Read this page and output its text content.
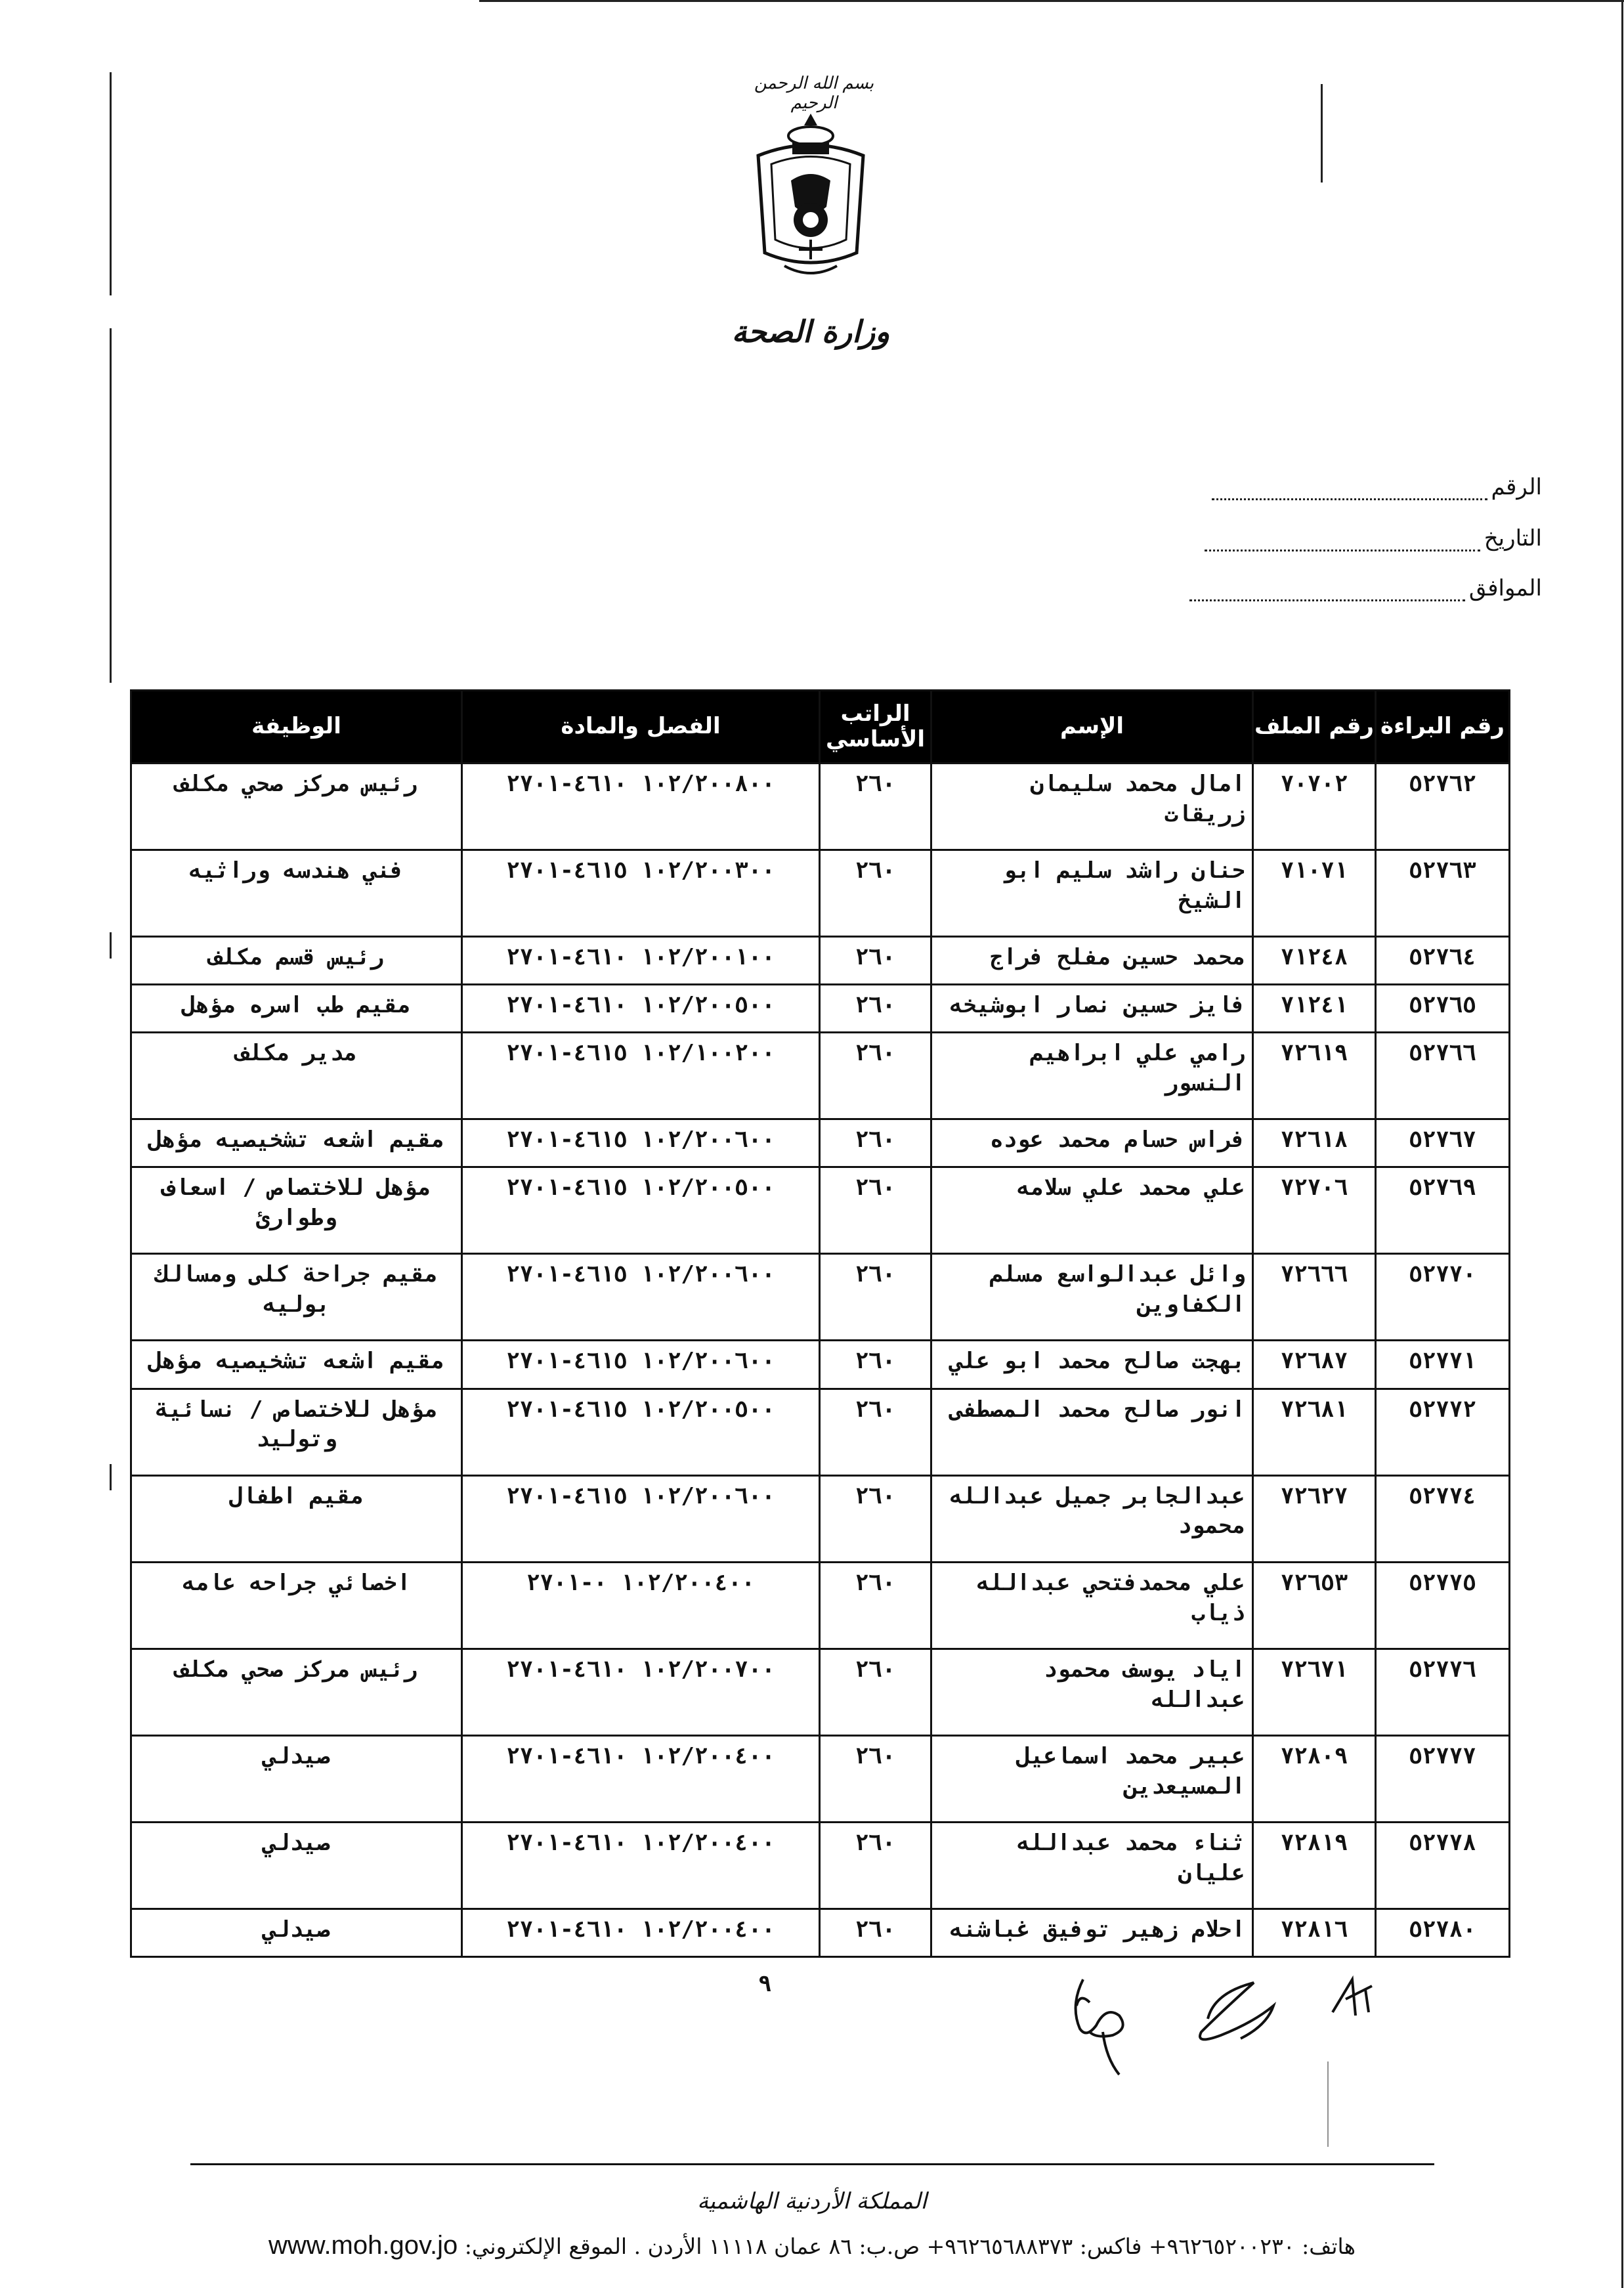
بسم الله الرحمن الرحيم
وزارة الصحة
الرقم
التاريخ
الموافق
رقم البراءة	رقم الملف	الإسم	الراتب الأساسي	الفصل والمادة	الوظيفة
٥٢٧٦٢	٧٠٧٠٢	امال محمد سليمان زريقات	٢٦٠	١٠٢/٢٠٠٨٠٠ ٤٦١٠-٢٧٠١	رئيس مركز صحي مكلف
٥٢٧٦٣	٧١٠٧١	حنان راشد سليم ابو الشيخ	٢٦٠	١٠٢/٢٠٠٣٠٠ ٤٦١٥-٢٧٠١	فني هندسه وراثيه
٥٢٧٦٤	٧١٢٤٨	محمد حسين مفلح فراج	٢٦٠	١٠٢/٢٠٠١٠٠ ٤٦١٠-٢٧٠١	رئيس قسم مكلف
٥٢٧٦٥	٧١٢٤١	فايز حسين نصار ابوشيخه	٢٦٠	١٠٢/٢٠٠٥٠٠ ٤٦١٠-٢٧٠١	مقيم طب اسره مؤهل
٥٢٧٦٦	٧٢٦١٩	رامي علي ابراهيم النسور	٢٦٠	١٠٢/١٠٠٢٠٠ ٤٦١٥-٢٧٠١	مدير مكلف
٥٢٧٦٧	٧٢٦١٨	فراس حسام محمد عوده	٢٦٠	١٠٢/٢٠٠٦٠٠ ٤٦١٥-٢٧٠١	مقيم اشعه تشخيصيه مؤهل
٥٢٧٦٩	٧٢٧٠٦	علي محمد علي سلامه	٢٦٠	١٠٢/٢٠٠٥٠٠ ٤٦١٥-٢٧٠١	مؤهل للاختصاص / اسعاف وطوارئ
٥٢٧٧٠	٧٢٦٦٦	وائل عبدالواسع مسلم الكفاوين	٢٦٠	١٠٢/٢٠٠٦٠٠ ٤٦١٥-٢٧٠١	مقيم جراحة كلى ومسالك بوليه
٥٢٧٧١	٧٢٦٨٧	بهجت صالح محمد ابو علي	٢٦٠	١٠٢/٢٠٠٦٠٠ ٤٦١٥-٢٧٠١	مقيم اشعه تشخيصيه مؤهل
٥٢٧٧٢	٧٢٦٨١	انور صالح محمد المصطفى	٢٦٠	١٠٢/٢٠٠٥٠٠ ٤٦١٥-٢٧٠١	مؤهل للاختصاص / نسائية وتوليد
٥٢٧٧٤	٧٢٦٢٧	عبدالجابر جميل عبدالله محمود	٢٦٠	١٠٢/٢٠٠٦٠٠ ٤٦١٥-٢٧٠١	مقيم اطفال
٥٢٧٧٥	٧٢٦٥٣	علي محمدفتحي عبدالله ذياب	٢٦٠	١٠٢/٢٠٠٤٠٠ ٠-٢٧٠١	اخصائي جراحه عامه
٥٢٧٧٦	٧٢٦٧١	اياد يوسف محمود عبدالله	٢٦٠	١٠٢/٢٠٠٧٠٠ ٤٦١٠-٢٧٠١	رئيس مركز صحي مكلف
٥٢٧٧٧	٧٢٨٠٩	عبير محمد اسماعيل المسيعدين	٢٦٠	١٠٢/٢٠٠٤٠٠ ٤٦١٠-٢٧٠١	صيدلي
٥٢٧٧٨	٧٢٨١٩	ثناء محمد عبدالله عليان	٢٦٠	١٠٢/٢٠٠٤٠٠ ٤٦١٠-٢٧٠١	صيدلي
٥٢٧٨٠	٧٢٨١٦	احلام زهير توفيق غباشنه	٢٦٠	١٠٢/٢٠٠٤٠٠ ٤٦١٠-٢٧٠١	صيدلي
٩
المملكة الأردنية الهاشمية
هاتف: ٩٦٢٦٥٢٠٠٢٣٠+ فاكس: ٩٦٢٦٥٦٨٨٣٧٣+ ص.ب: ٨٦ عمان ١١١١٨ الأردن . الموقع الإلكتروني: www.moh.gov.jo
